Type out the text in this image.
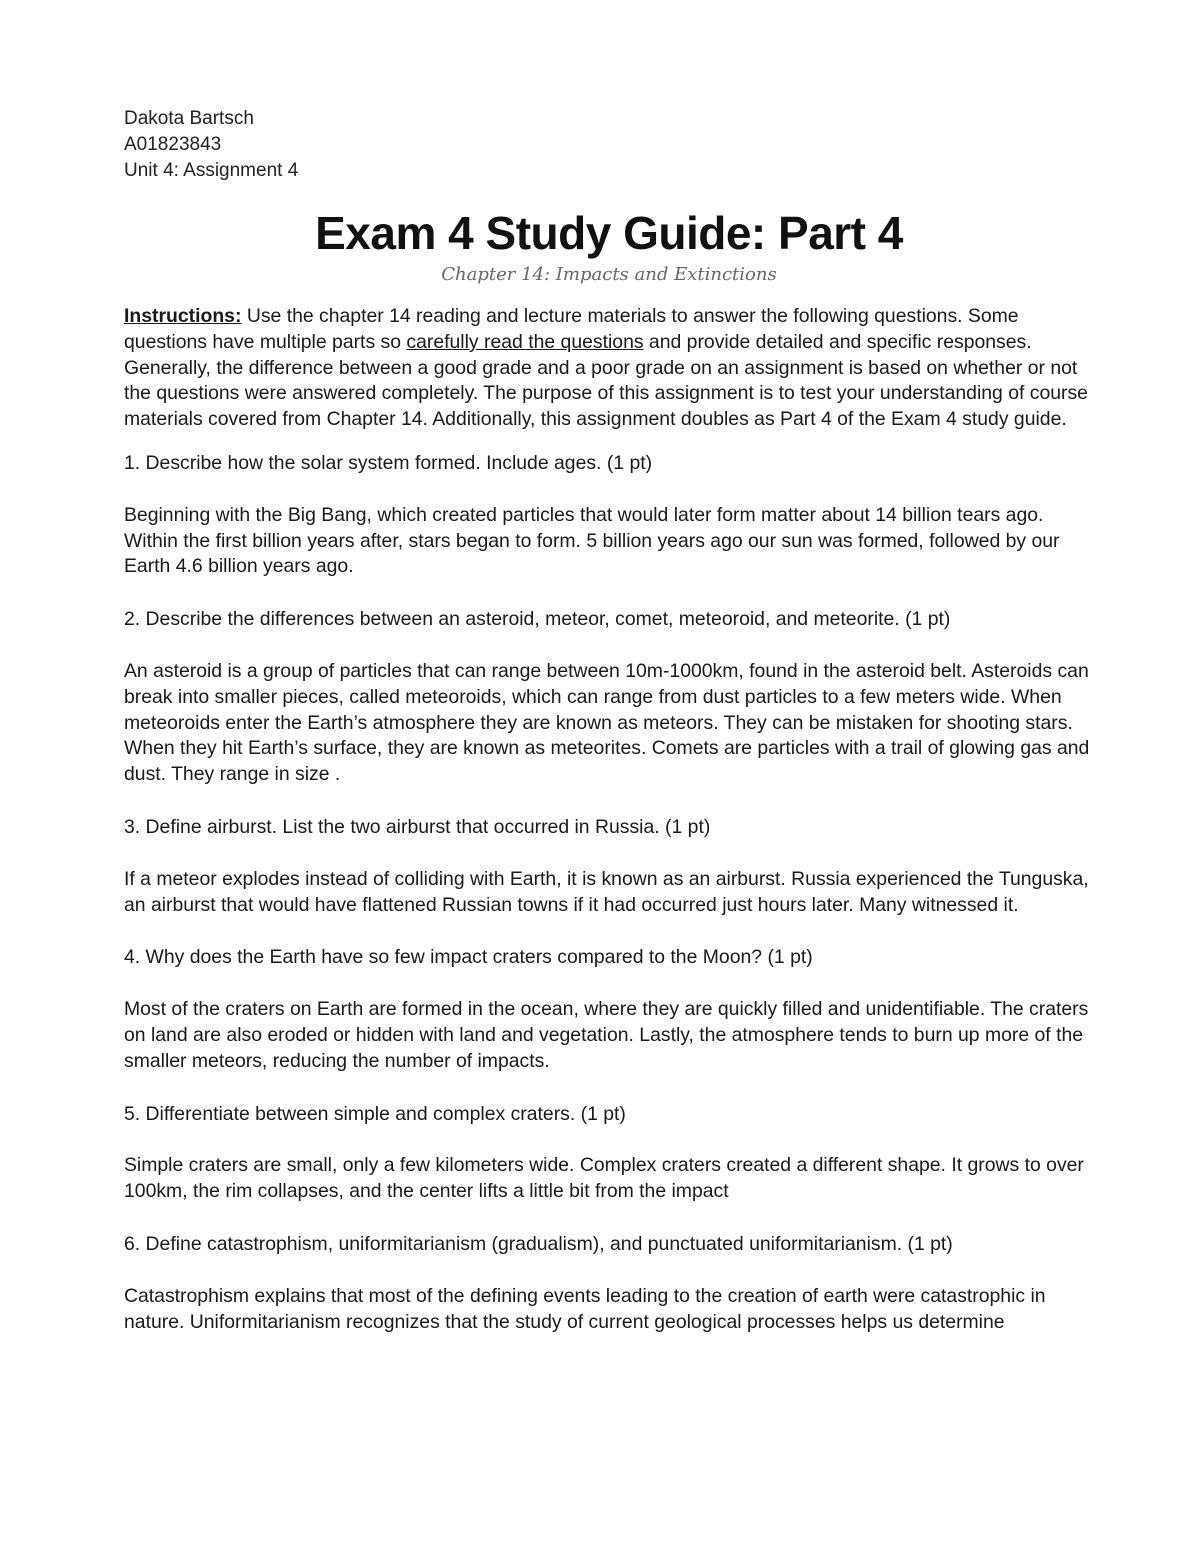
Dakota Bartsch
A01823843
Unit 4: Assignment 4
Exam 4 Study Guide: Part 4
Chapter 14: Impacts and Extinctions
Instructions: Use the chapter 14 reading and lecture materials to answer the following questions. Some questions have multiple parts so carefully read the questions and provide detailed and specific responses. Generally, the difference between a good grade and a poor grade on an assignment is based on whether or not the questions were answered completely. The purpose of this assignment is to test your understanding of course materials covered from Chapter 14. Additionally, this assignment doubles as Part 4 of the Exam 4 study guide.
1. Describe how the solar system formed. Include ages. (1 pt)
Beginning with the Big Bang, which created particles that would later form matter about 14 billion tears ago. Within the first billion years after, stars began to form. 5 billion years ago our sun was formed, followed by our Earth 4.6 billion years ago.
2. Describe the differences between an asteroid, meteor, comet, meteoroid, and meteorite. (1 pt)
An asteroid is a group of particles that can range between 10m-1000km, found in the asteroid belt. Asteroids can break into smaller pieces, called meteoroids, which can range from dust particles to a few meters wide. When meteoroids enter the Earth’s atmosphere they are known as meteors. They can be mistaken for shooting stars. When they hit Earth’s surface, they are known as meteorites. Comets are particles with a trail of glowing gas and dust. They range in size .
3. Define airburst. List the two airburst that occurred in Russia. (1 pt)
If a meteor explodes instead of colliding with Earth, it is known as an airburst. Russia experienced the Tunguska, an airburst that would have flattened Russian towns if it had occurred just hours later. Many witnessed it.
4. Why does the Earth have so few impact craters compared to the Moon? (1 pt)
Most of the craters on Earth are formed in the ocean, where they are quickly filled and unidentifiable. The craters on land are also eroded or hidden with land and vegetation. Lastly, the atmosphere tends to burn up more of the smaller meteors, reducing the number of impacts.
5. Differentiate between simple and complex craters. (1 pt)
Simple craters are small, only a few kilometers wide. Complex craters created a different shape. It grows to over 100km, the rim collapses, and the center lifts a little bit from the impact
6. Define catastrophism, uniformitarianism (gradualism), and punctuated uniformitarianism. (1 pt)
Catastrophism explains that most of the defining events leading to the creation of earth were catastrophic in nature. Uniformitarianism recognizes that the study of current geological processes helps us determine
